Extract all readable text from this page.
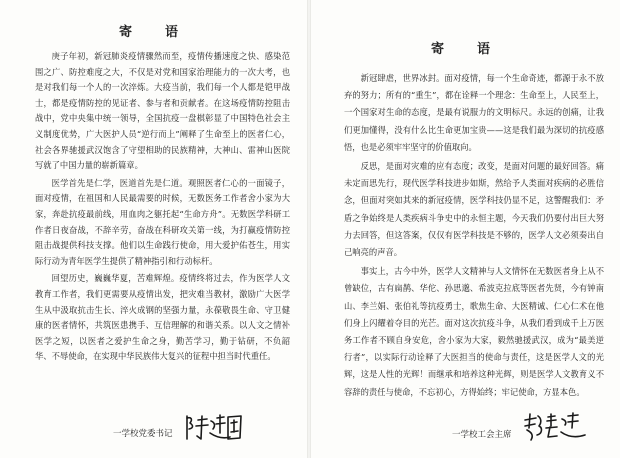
寄　语

庚子年初，新冠肺炎疫情骤然而至，疫情传播速度之快、感染范围之广、防控难度之大，不仅是对党和国家治理能力的一次大考，也是对我们每一个人的一次淬炼。大疫当前，我们每一个人都是铠甲战士，都是疫情防控的见证者、参与者和贡献者。在这场疫情防控阻击战中，党中央集中统一领导，全国抗疫一盘棋彰显了中国特色社会主义制度优势，广大医护人员“逆行而上”阐释了生命至上的医者仁心，社会各界驰援武汉饱含了守望相助的民族精神，大神山、雷神山医院写就了中国力量的崭新篇章。

医学首先是仁学，医道首先是仁道。观照医者仁心的一面镜子，面对疫情，在祖国和人民最需要的时候，无数医务工作者舍小家为大家，奔赴抗疫最前线，用血肉之躯托起“生命方舟”。无数医学科研工作者日夜奋战，不辞辛劳，奋战在科研攻关第一线，为打赢疫情防控阻击战提供科技支撑。他们以生命践行使命，用大爱护佑苍生，用实际行动为青年医学生提供了精神指引和行动标杆。

回望历史，巍巍华夏，苦难辉煌。疫情终将过去，作为医学人文教育工作者，我们更需要从疫情出发，把灾难当教材，激励广大医学生从中汲取抗击生长、淬火成钢的坚强力量，永葆敬畏生命、守卫健康的医者情怀，共筑医患携手、互信理解的和谐关系。以人文之情补医学之短，以医者之爱护生命之身，勤苦学习，勤于钻研，不负韶华、不辱使命，在实现中华民族伟大复兴的征程中担当时代重任。

一学校党委书记
寄　语

新冠肆虐，世界冰封。面对疫情，每一个生命奇迹，都源于永不放弃的努力；所有的“重生”，都在诠释一个理念：生命至上，人民至上，一个国家对生命的态度，是最有说服力的文明标尺。永远的创痛，让我们更加懂得，没有什么比生命更加宝贵——这是我们最为深切的抗疫感悟，也是必须牢牢坚守的价值取向。

反思，是面对灾难的应有态度；改变，是面对问题的最好回答。痛未定而思先行，现代医学科技进步如斯，然给予人类面对疾病的必胜信念，但面对突如其来的新冠疫情，医学科技仍显不足，这警醒我们：矛盾之争始终是人类疾病斗争史中的永恒主题，今天我们仍要付出巨大努力去回答，但这答案，仅仅有医学科技是不够的，医学人文必须奏出自己响亮的声音。

事实上，古今中外，医学人文精神与人文情怀在无数医者身上从不曾缺位，古有扁鹊、华佗、孙思邈、希波克拉底等医者先贤，今有钟南山、李兰娟、张伯礼等抗疫勇士，歌焦生命、大医精诚、仁心仁术在他们身上闪耀着夺目的光芒。面对这次抗疫斗争，从我们看到成千上万医务工作者不顾自身安危，舍小家为大家，毅然驰援武汉，成为“最美逆行者”，以实际行动诠释了大医担当的使命与责任，这是医学人文的光辉，这是人性的光辉！而继承和培养这种光辉，则是医学人文教育义不容辞的责任与使命，不忘初心，方得始终；牢记使命，方显本色。

一学校工会主席
